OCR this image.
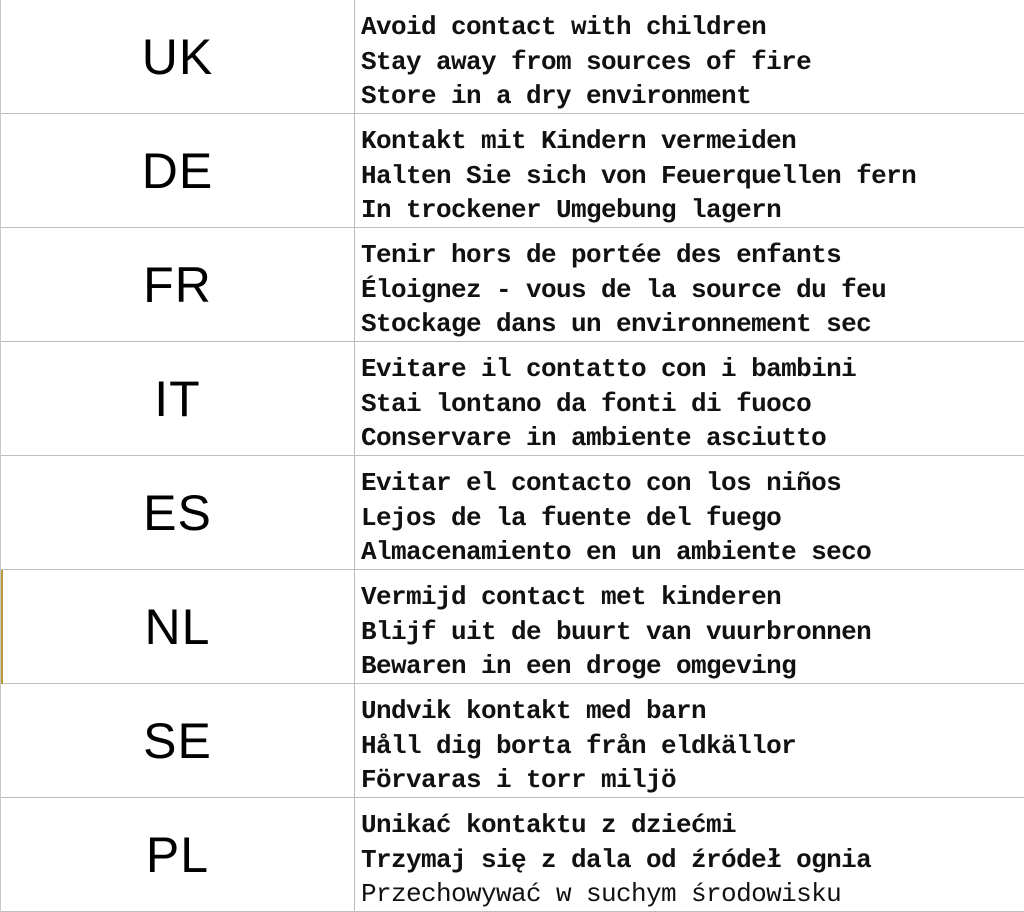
UK
Avoid contact with children
Stay away from sources of fire
Store in a dry environment
DE
Kontakt mit Kindern vermeiden
Halten Sie sich von Feuerquellen fern
In trockener Umgebung lagern
FR
Tenir hors de portée des enfants
Éloignez - vous de la source du feu
Stockage dans un environnement sec
IT
Evitare il contatto con i bambini
Stai lontano da fonti di fuoco
Conservare in ambiente asciutto
ES
Evitar el contacto con los niños
Lejos de la fuente del fuego
Almacenamiento en un ambiente seco
NL
Vermijd contact met kinderen
Blijf uit de buurt van vuurbronnen
Bewaren in een droge omgeving
SE
Undvik kontakt med barn
Håll dig borta från eldkällor
Förvaras i torr miljö
PL
Unikać kontaktu z dziećmi
Trzymaj się z dala od źródeł ognia
Przechowywać w suchym środowisku
